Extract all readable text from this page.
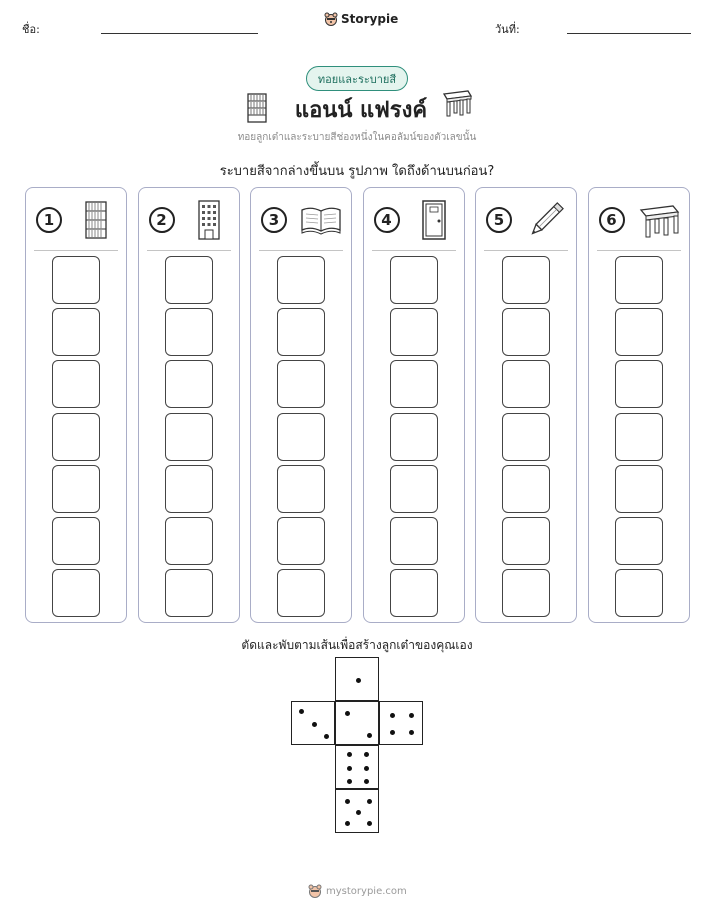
ชื่อ:
Storypie
วันที่:
ทอยและระบายสี
แอนน์ แฟรงค์
ทอยลูกเต๋าและระบายสีช่องหนึ่งในคอลัมน์ของตัวเลขนั้น
ระบายสีจากล่างขึ้นบน รูปภาพ ใดถึงด้านบนก่อน?
1	2	3	4	5	6
ตัดและพับตามเส้นเพื่อสร้างลูกเต๋าของคุณเอง
mystorypie.com
